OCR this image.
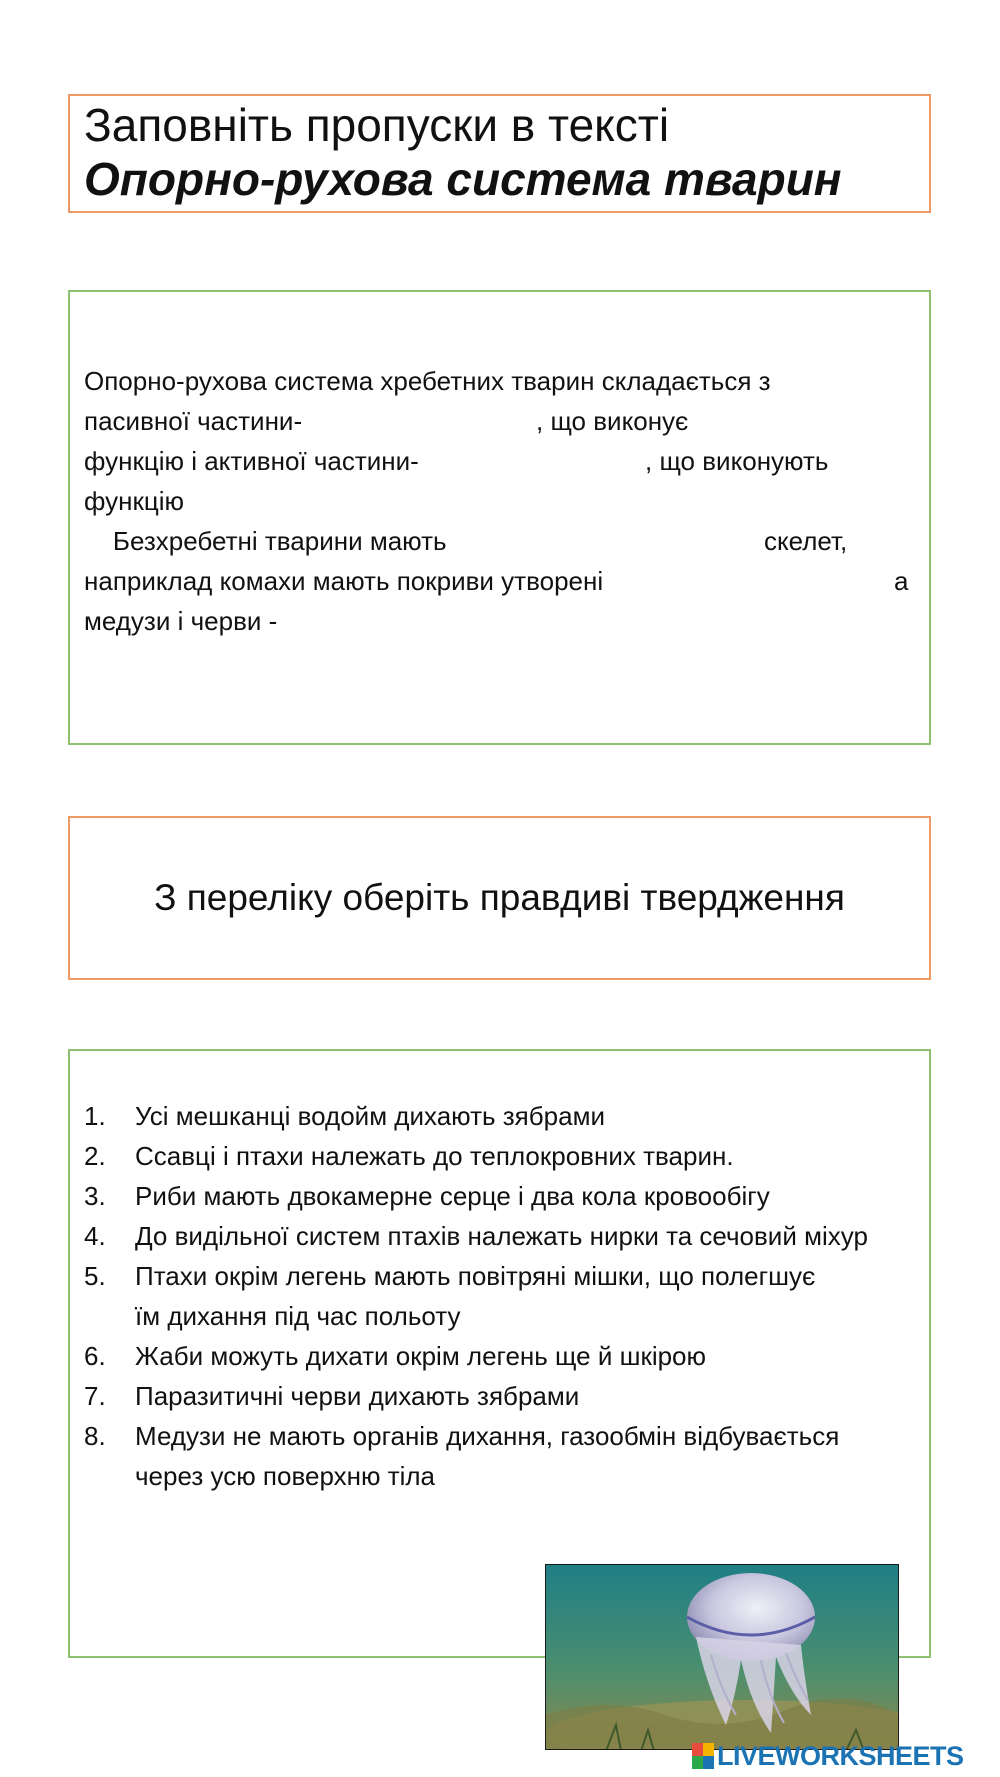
Заповніть пропуски в тексті
Опорно-рухова система тварин
Опорно-рухова система хребетних тварин складається з
пасивної частини-	, що виконує
функцію і активної частини-	, що виконують
функцію
Безхребетні тварини мають	скелет,
наприклад комахи мають покриви утворені	а
медузи і черви -
З переліку оберіть правдиві твердження
1. Усі мешканці водойм дихають зябрами
2. Ссавці і птахи належать до теплокровних тварин.
3. Риби мають двокамерне серце і два кола кровообігу
4. До видільної систем птахів належать нирки та сечовий міхур
5. Птахи окрім легень мають повітряні мішки, що полегшує їм дихання під час польоту
6. Жаби можуть дихати окрім легень ще й шкірою
7. Паразитичні черви дихають зябрами
8. Медузи не мають органів дихання, газообмін відбувається через усю поверхню тіла
LIVEWORKSHEETS
